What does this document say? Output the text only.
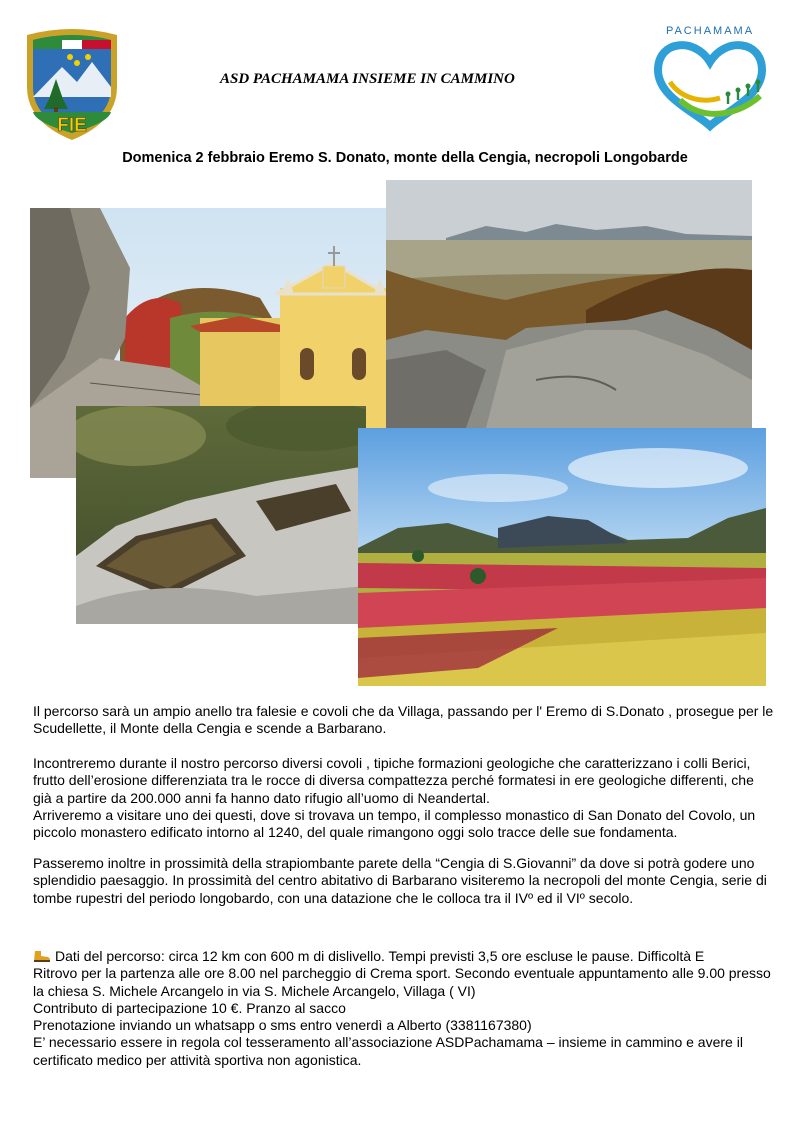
FIE
ASD PACHAMAMA INSIEME IN CAMMINO
PACHAMAMA
Domenica 2 febbraio Eremo S. Donato, monte della Cengia, necropoli Longobarde

Il percorso sarà un ampio anello tra falesie e covoli che da Villaga, passando per l' Eremo di S.Donato , prosegue per le Scudellette, il Monte della Cengia e scende a Barbarano.

Incontreremo durante il nostro percorso diversi covoli , tipiche formazioni geologiche che caratterizzano i colli Berici, frutto dell’erosione differenziata tra le rocce di diversa compattezza perché formatesi in ere geologiche differenti, che già a partire da 200.000 anni fa hanno dato rifugio all’uomo di Neandertal.

Arriveremo a visitare uno dei questi, dove si trovava un tempo, il complesso monastico di San Donato del Covolo, un piccolo monastero edificato intorno al 1240, del quale rimangono oggi solo tracce delle sue fondamenta.

Passeremo inoltre in prossimità della strapiombante parete della “Cengia di S.Giovanni” da dove si potrà godere uno splendidio paesaggio. In prossimità del centro abitativo di Barbarano visiteremo la necropoli del monte Cengia, serie di tombe rupestri del periodo longobardo, con una datazione che le colloca tra il IVº ed il VIº secolo.

Dati del percorso: circa 12 km con 600 m di dislivello. Tempi previsti 3,5 ore escluse le pause. Difficoltà E

Ritrovo per la partenza alle ore 8.00 nel parcheggio di Crema sport. Secondo eventuale appuntamento alle 9.00 presso la chiesa S. Michele Arcangelo in via S. Michele Arcangelo, Villaga ( VI)

Contributo di partecipazione 10 €. Pranzo al sacco

Prenotazione inviando un whatsapp o sms entro venerdì a Alberto (3381167380)

E’ necessario essere in regola col tesseramento all’associazione ASDPachamama – insieme in cammino e avere il certificato medico per attività sportiva non agonistica.
